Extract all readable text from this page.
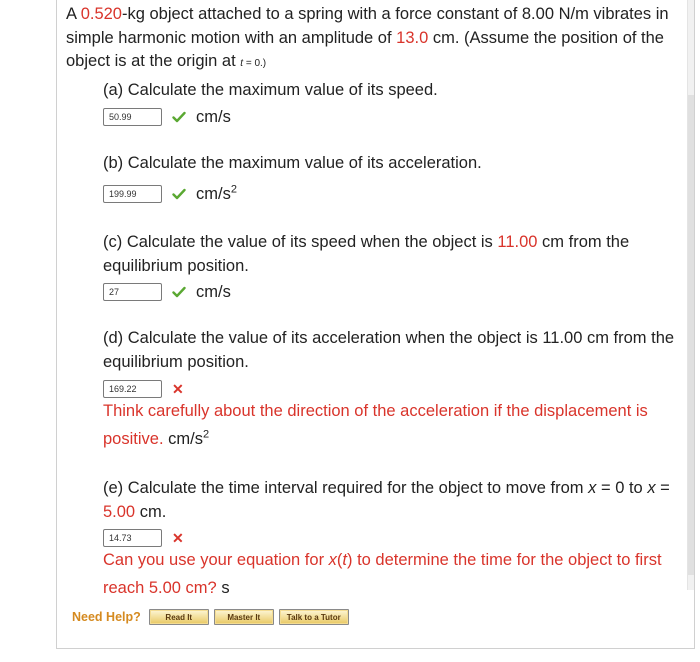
A 0.520-kg object attached to a spring with a force constant of 8.00 N/m vibrates in simple harmonic motion with an amplitude of 13.0 cm. (Assume the position of the object is at the origin at t = 0.)
(a) Calculate the maximum value of its speed.
50.99	cm/s
(b) Calculate the maximum value of its acceleration.
199.99	$cm/s^2$
(c) Calculate the value of its speed when the object is 11.00 cm from the equilibrium position.
27	cm/s
(d) Calculate the value of its acceleration when the object is 11.00 cm from the equilibrium position.
169.22	✕
Think carefully about the direction of the acceleration if the displacement is positive. $cm/s^2$
(e) Calculate the time interval required for the object to move from x = 0 to x = 5.00 cm.
14.73	✕
Can you use your equation for x(t) to determine the time for the object to first reach 5.00 cm? s
Need Help?	Read It	Master It	Talk to a Tutor
